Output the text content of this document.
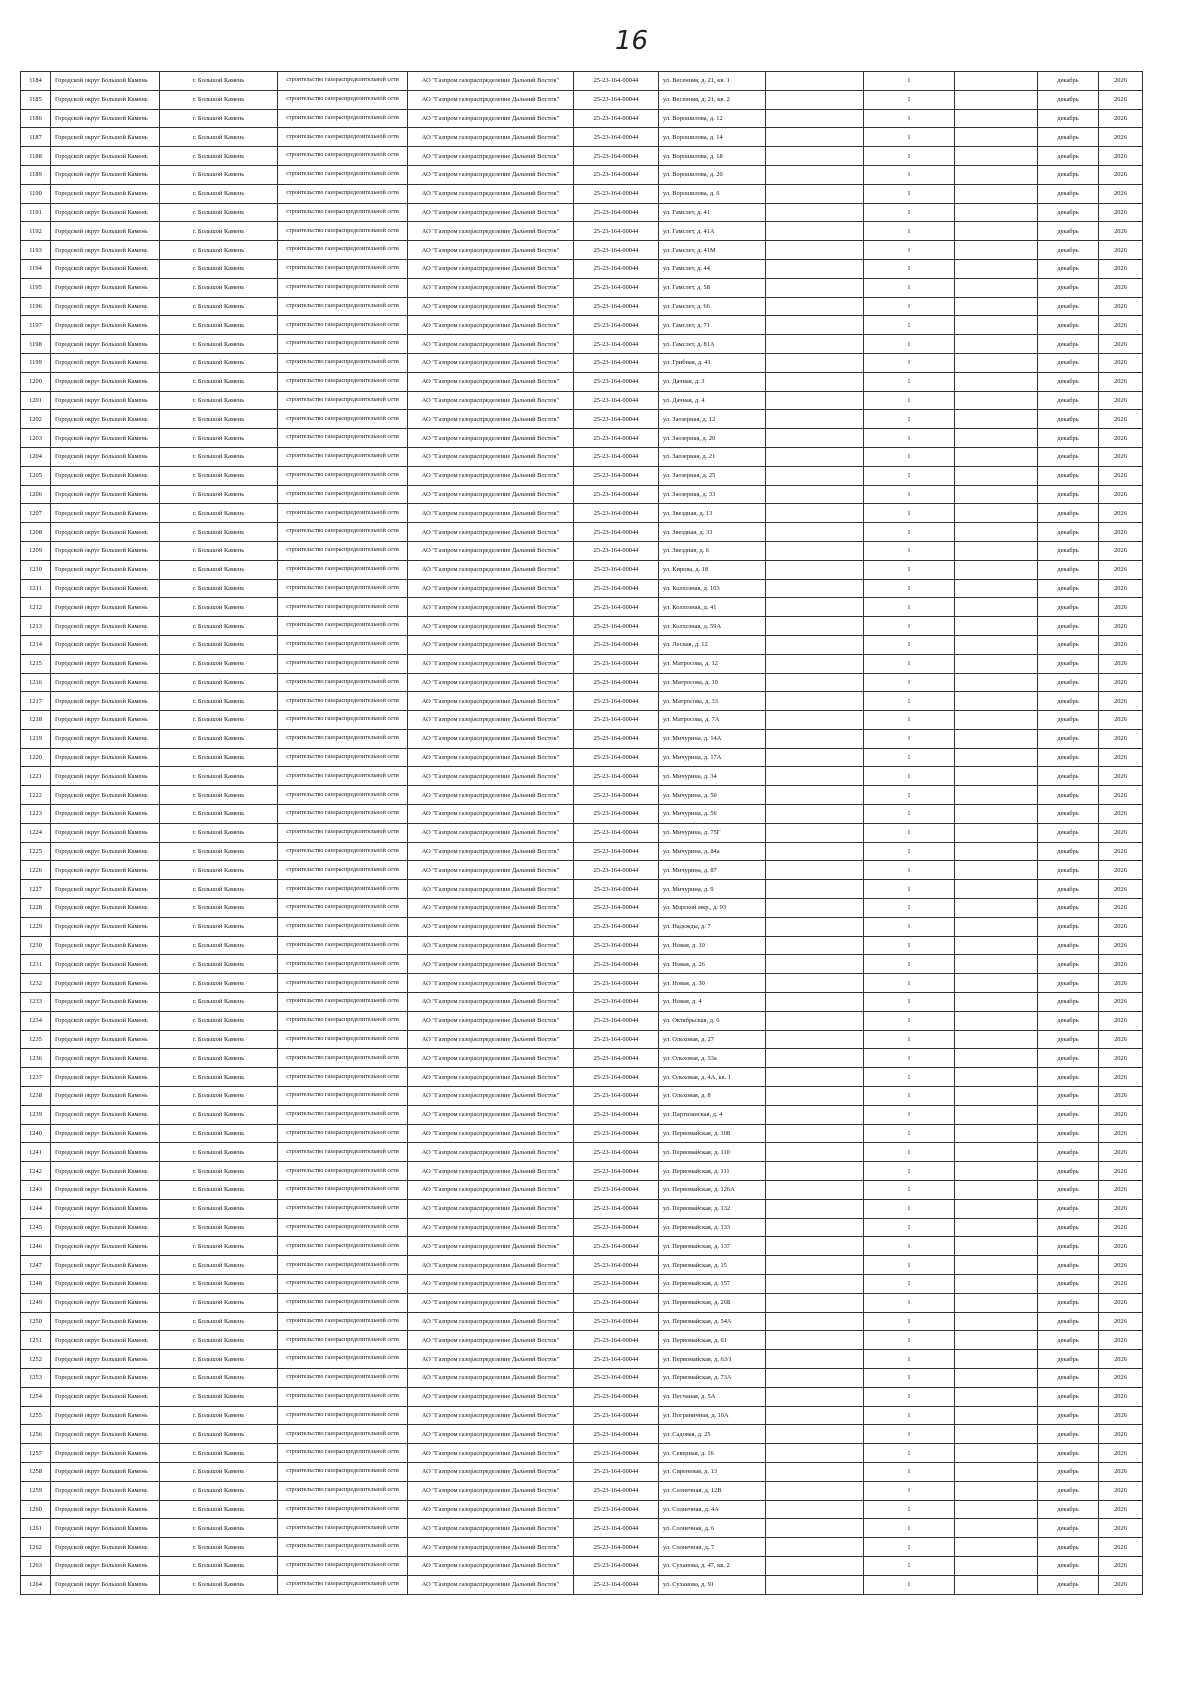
16
1184	Городской округ Большой Камень	г. Большой Камень	строительство газораспределительной сети	АО "Газпром газораспределение Дальний Восток"	25-23-164-00044	ул. Весенняя, д. 21, кв. 1		1		декабрь	2026
1185	Городской округ Большой Камень	г. Большой Камень	строительство газораспределительной сети	АО "Газпром газораспределение Дальний Восток"	25-23-164-00044	ул. Весенняя, д. 21, кв. 2		1		декабрь	2026
1186	Городской округ Большой Камень	г. Большой Камень	строительство газораспределительной сети	АО "Газпром газораспределение Дальний Восток"	25-23-164-00044	ул. Ворошилова, д. 12		1		декабрь	2026
1187	Городской округ Большой Камень	г. Большой Камень	строительство газораспределительной сети	АО "Газпром газораспределение Дальний Восток"	25-23-164-00044	ул. Ворошилова, д. 14		1		декабрь	2026
1188	Городской округ Большой Камень	г. Большой Камень	строительство газораспределительной сети	АО "Газпром газораспределение Дальний Восток"	25-23-164-00044	ул. Ворошилова, д. 18		1		декабрь	2026
1189	Городской округ Большой Камень	г. Большой Камень	строительство газораспределительной сети	АО "Газпром газораспределение Дальний Восток"	25-23-164-00044	ул. Ворошилова, д. 20		1		декабрь	2026
1190	Городской округ Большой Камень	г. Большой Камень	строительство газораспределительной сети	АО "Газпром газораспределение Дальний Восток"	25-23-164-00044	ул. Ворошилова, д. 6		1		декабрь	2026
1191	Городской округ Большой Камень	г. Большой Камень	строительство газораспределительной сети	АО "Газпром газораспределение Дальний Восток"	25-23-164-00044	ул. Гамслет, д. 41		1		декабрь	2026
1192	Городской округ Большой Камень	г. Большой Камень	строительство газораспределительной сети	АО "Газпром газораспределение Дальний Восток"	25-23-164-00044	ул. Гамслет, д. 41А		1		декабрь	2026
1193	Городской округ Большой Камень	г. Большой Камень	строительство газораспределительной сети	АО "Газпром газораспределение Дальний Восток"	25-23-164-00044	ул. Гамслет, д. 41М		1		декабрь	2026
1194	Городской округ Большой Камень	г. Большой Камень	строительство газораспределительной сети	АО "Газпром газораспределение Дальний Восток"	25-23-164-00044	ул. Гамслет, д. 44		1		декабрь	2026
1195	Городской округ Большой Камень	г. Большой Камень	строительство газораспределительной сети	АО "Газпром газораспределение Дальний Восток"	25-23-164-00044	ул. Гамслет, д. 58		1		декабрь	2026
1196	Городской округ Большой Камень	г. Большой Камень	строительство газораспределительной сети	АО "Газпром газораспределение Дальний Восток"	25-23-164-00044	ул. Гамслет, д. 66		1		декабрь	2026
1197	Городской округ Большой Камень	г. Большой Камень	строительство газораспределительной сети	АО "Газпром газораспределение Дальний Восток"	25-23-164-00044	ул. Гамслет, д. 71		1		декабрь	2026
1198	Городской округ Большой Камень	г. Большой Камень	строительство газораспределительной сети	АО "Газпром газораспределение Дальний Восток"	25-23-164-00044	ул. Гамслет, д. 81А		1		декабрь	2026
1199	Городской округ Большой Камень	г. Большой Камень	строительство газораспределительной сети	АО "Газпром газораспределение Дальний Восток"	25-23-164-00044	ул. Грибная, д. 41		1		декабрь	2026
1200	Городской округ Большой Камень	г. Большой Камень	строительство газораспределительной сети	АО "Газпром газораспределение Дальний Восток"	25-23-164-00044	ул. Дачная, д. 3		1		декабрь	2026
1201	Городской округ Большой Камень	г. Большой Камень	строительство газораспределительной сети	АО "Газпром газораспределение Дальний Восток"	25-23-164-00044	ул. Дачная, д. 4		1		декабрь	2026
1202	Городской округ Большой Камень	г. Большой Камень	строительство газораспределительной сети	АО "Газпром газораспределение Дальний Восток"	25-23-164-00044	ул. Заозерная, д. 12		1		декабрь	2026
1203	Городской округ Большой Камень	г. Большой Камень	строительство газораспределительной сети	АО "Газпром газораспределение Дальний Восток"	25-23-164-00044	ул. Заозерная, д. 20		1		декабрь	2026
1204	Городской округ Большой Камень	г. Большой Камень	строительство газораспределительной сети	АО "Газпром газораспределение Дальний Восток"	25-23-164-00044	ул. Заозерная, д. 21		1		декабрь	2026
1205	Городской округ Большой Камень	г. Большой Камень	строительство газораспределительной сети	АО "Газпром газораспределение Дальний Восток"	25-23-164-00044	ул. Заозерная, д. 25		1		декабрь	2026
1206	Городской округ Большой Камень	г. Большой Камень	строительство газораспределительной сети	АО "Газпром газораспределение Дальний Восток"	25-23-164-00044	ул. Заозерная, д. 33		1		декабрь	2026
1207	Городской округ Большой Камень	г. Большой Камень	строительство газораспределительной сети	АО "Газпром газораспределение Дальний Восток"	25-23-164-00044	ул. Звездная, д. 13		1		декабрь	2026
1208	Городской округ Большой Камень	г. Большой Камень	строительство газораспределительной сети	АО "Газпром газораспределение Дальний Восток"	25-23-164-00044	ул. Звездная, д. 33		1		декабрь	2026
1209	Городской округ Большой Камень	г. Большой Камень	строительство газораспределительной сети	АО "Газпром газораспределение Дальний Восток"	25-23-164-00044	ул. Звездная, д. 6		1		декабрь	2026
1210	Городской округ Большой Камень	г. Большой Камень	строительство газораспределительной сети	АО "Газпром газораспределение Дальний Восток"	25-23-164-00044	ул. Кирова, д. 18		1		декабрь	2026
1211	Городской округ Большой Камень	г. Большой Камень	строительство газораспределительной сети	АО "Газпром газораспределение Дальний Восток"	25-23-164-00044	ул. Колхозная, д. 103		1		декабрь	2026
1212	Городской округ Большой Камень	г. Большой Камень	строительство газораспределительной сети	АО "Газпром газораспределение Дальний Восток"	25-23-164-00044	ул. Колхозная, д. 41		1		декабрь	2026
1213	Городской округ Большой Камень	г. Большой Камень	строительство газораспределительной сети	АО "Газпром газораспределение Дальний Восток"	25-23-164-00044	ул. Колхозная, д. 59А		1		декабрь	2026
1214	Городской округ Большой Камень	г. Большой Камень	строительство газораспределительной сети	АО "Газпром газораспределение Дальний Восток"	25-23-164-00044	ул. Лесная, д. 12		1		декабрь	2026
1215	Городской округ Большой Камень	г. Большой Камень	строительство газораспределительной сети	АО "Газпром газораспределение Дальний Восток"	25-23-164-00044	ул. Матросова, д. 12		1		декабрь	2026
1216	Городской округ Большой Камень	г. Большой Камень	строительство газораспределительной сети	АО "Газпром газораспределение Дальний Восток"	25-23-164-00044	ул. Матросова, д. 19		1		декабрь	2026
1217	Городской округ Большой Камень	г. Большой Камень	строительство газораспределительной сети	АО "Газпром газораспределение Дальний Восток"	25-23-164-00044	ул. Матросова, д. 33		1		декабрь	2026
1218	Городской округ Большой Камень	г. Большой Камень	строительство газораспределительной сети	АО "Газпром газораспределение Дальний Восток"	25-23-164-00044	ул. Матросова, д. 7А		1		декабрь	2026
1219	Городской округ Большой Камень	г. Большой Камень	строительство газораспределительной сети	АО "Газпром газораспределение Дальний Восток"	25-23-164-00044	ул. Мичурина, д. 14А		1		декабрь	2026
1220	Городской округ Большой Камень	г. Большой Камень	строительство газораспределительной сети	АО "Газпром газораспределение Дальний Восток"	25-23-164-00044	ул. Мичурина, д. 17А		1		декабрь	2026
1221	Городской округ Большой Камень	г. Большой Камень	строительство газораспределительной сети	АО "Газпром газораспределение Дальний Восток"	25-23-164-00044	ул. Мичурина, д. 34		1		декабрь	2026
1222	Городской округ Большой Камень	г. Большой Камень	строительство газораспределительной сети	АО "Газпром газораспределение Дальний Восток"	25-23-164-00044	ул. Мичурина, д. 50		1		декабрь	2026
1223	Городской округ Большой Камень	г. Большой Камень	строительство газораспределительной сети	АО "Газпром газораспределение Дальний Восток"	25-23-164-00044	ул. Мичурина, д. 56		1		декабрь	2026
1224	Городской округ Большой Камень	г. Большой Камень	строительство газораспределительной сети	АО "Газпром газораспределение Дальний Восток"	25-23-164-00044	ул. Мичурина, д. 75Г		1		декабрь	2026
1225	Городской округ Большой Камень	г. Большой Камень	строительство газораспределительной сети	АО "Газпром газораспределение Дальний Восток"	25-23-164-00044	ул. Мичурина, д. 84а		1		декабрь	2026
1226	Городской округ Большой Камень	г. Большой Камень	строительство газораспределительной сети	АО "Газпром газораспределение Дальний Восток"	25-23-164-00044	ул. Мичурина, д. 87		1		декабрь	2026
1227	Городской округ Большой Камень	г. Большой Камень	строительство газораспределительной сети	АО "Газпром газораспределение Дальний Восток"	25-23-164-00044	ул. Мичурина, д. 9		1		декабрь	2026
1228	Городской округ Большой Камень	г. Большой Камень	строительство газораспределительной сети	АО "Газпром газораспределение Дальний Восток"	25-23-164-00044	ул. Морской мкр., д. 93		1		декабрь	2026
1229	Городской округ Большой Камень	г. Большой Камень	строительство газораспределительной сети	АО "Газпром газораспределение Дальний Восток"	25-23-164-00044	ул. Надежды, д. 7		1		декабрь	2026
1230	Городской округ Большой Камень	г. Большой Камень	строительство газораспределительной сети	АО "Газпром газораспределение Дальний Восток"	25-23-164-00044	ул. Новая, д. 10		1		декабрь	2026
1231	Городской округ Большой Камень	г. Большой Камень	строительство газораспределительной сети	АО "Газпром газораспределение Дальний Восток"	25-23-164-00044	ул. Новая, д. 26		1		декабрь	2026
1232	Городской округ Большой Камень	г. Большой Камень	строительство газораспределительной сети	АО "Газпром газораспределение Дальний Восток"	25-23-164-00044	ул. Новая, д. 30		1		декабрь	2026
1233	Городской округ Большой Камень	г. Большой Камень	строительство газораспределительной сети	АО "Газпром газораспределение Дальний Восток"	25-23-164-00044	ул. Новая, д. 4		1		декабрь	2026
1234	Городской округ Большой Камень	г. Большой Камень	строительство газораспределительной сети	АО "Газпром газораспределение Дальний Восток"	25-23-164-00044	ул. Октябрьская, д. 6		1		декабрь	2026
1235	Городской округ Большой Камень	г. Большой Камень	строительство газораспределительной сети	АО "Газпром газораспределение Дальний Восток"	25-23-164-00044	ул. Ольховая, д. 27		1		декабрь	2026
1236	Городской округ Большой Камень	г. Большой Камень	строительство газораспределительной сети	АО "Газпром газораспределение Дальний Восток"	25-23-164-00044	ул. Ольховая, д. 33а		1		декабрь	2026
1237	Городской округ Большой Камень	г. Большой Камень	строительство газораспределительной сети	АО "Газпром газораспределение Дальний Восток"	25-23-164-00044	ул. Ольховая, д. 4А, кв. 1		1		декабрь	2026
1238	Городской округ Большой Камень	г. Большой Камень	строительство газораспределительной сети	АО "Газпром газораспределение Дальний Восток"	25-23-164-00044	ул. Ольховая, д. 8		1		декабрь	2026
1239	Городской округ Большой Камень	г. Большой Камень	строительство газораспределительной сети	АО "Газпром газораспределение Дальний Восток"	25-23-164-00044	ул. Партизанская, д. 4		1		декабрь	2026
1240	Городской округ Большой Камень	г. Большой Камень	строительство газораспределительной сети	АО "Газпром газораспределение Дальний Восток"	25-23-164-00044	ул. Первомайская, д. 108		1		декабрь	2026
1241	Городской округ Большой Камень	г. Большой Камень	строительство газораспределительной сети	АО "Газпром газораспределение Дальний Восток"	25-23-164-00044	ул. Первомайская, д. 110		1		декабрь	2026
1242	Городской округ Большой Камень	г. Большой Камень	строительство газораспределительной сети	АО "Газпром газораспределение Дальний Восток"	25-23-164-00044	ул. Первомайская, д. 111		1		декабрь	2026
1243	Городской округ Большой Камень	г. Большой Камень	строительство газораспределительной сети	АО "Газпром газораспределение Дальний Восток"	25-23-164-00044	ул. Первомайская, д. 126А		1		декабрь	2026
1244	Городской округ Большой Камень	г. Большой Камень	строительство газораспределительной сети	АО "Газпром газораспределение Дальний Восток"	25-23-164-00044	ул. Первомайская, д. 132		1		декабрь	2026
1245	Городской округ Большой Камень	г. Большой Камень	строительство газораспределительной сети	АО "Газпром газораспределение Дальний Восток"	25-23-164-00044	ул. Первомайская, д. 133		1		декабрь	2026
1246	Городской округ Большой Камень	г. Большой Камень	строительство газораспределительной сети	АО "Газпром газораспределение Дальний Восток"	25-23-164-00044	ул. Первомайская, д. 137		1		декабрь	2026
1247	Городской округ Большой Камень	г. Большой Камень	строительство газораспределительной сети	АО "Газпром газораспределение Дальний Восток"	25-23-164-00044	ул. Первомайская, д. 15		1		декабрь	2026
1248	Городской округ Большой Камень	г. Большой Камень	строительство газораспределительной сети	АО "Газпром газораспределение Дальний Восток"	25-23-164-00044	ул. Первомайская, д. 157		1		декабрь	2026
1249	Городской округ Большой Камень	г. Большой Камень	строительство газораспределительной сети	АО "Газпром газораспределение Дальний Восток"	25-23-164-00044	ул. Первомайская, д. 26Б		1		декабрь	2026
1250	Городской округ Большой Камень	г. Большой Камень	строительство газораспределительной сети	АО "Газпром газораспределение Дальний Восток"	25-23-164-00044	ул. Первомайская, д. 54А		1		декабрь	2026
1251	Городской округ Большой Камень	г. Большой Камень	строительство газораспределительной сети	АО "Газпром газораспределение Дальний Восток"	25-23-164-00044	ул. Первомайская, д. 61		1		декабрь	2026
1252	Городской округ Большой Камень	г. Большой Камень	строительство газораспределительной сети	АО "Газпром газораспределение Дальний Восток"	25-23-164-00044	ул. Первомайская, д. 63/1		1		декабрь	2026
1253	Городской округ Большой Камень	г. Большой Камень	строительство газораспределительной сети	АО "Газпром газораспределение Дальний Восток"	25-23-164-00044	ул. Первомайская, д. 73А		1		декабрь	2026
1254	Городской округ Большой Камень	г. Большой Камень	строительство газораспределительной сети	АО "Газпром газораспределение Дальний Восток"	25-23-164-00044	ул. Песчаная, д. 5А		1		декабрь	2026
1255	Городской округ Большой Камень	г. Большой Камень	строительство газораспределительной сети	АО "Газпром газораспределение Дальний Восток"	25-23-164-00044	ул. Пограничная, д. 10А		1		декабрь	2026
1256	Городской округ Большой Камень	г. Большой Камень	строительство газораспределительной сети	АО "Газпром газораспределение Дальний Восток"	25-23-164-00044	ул. Садовая, д. 25		1		декабрь	2026
1257	Городской округ Большой Камень	г. Большой Камень	строительство газораспределительной сети	АО "Газпром газораспределение Дальний Восток"	25-23-164-00044	ул. Северная, д. 16		1		декабрь	2026
1258	Городской округ Большой Камень	г. Большой Камень	строительство газораспределительной сети	АО "Газпром газораспределение Дальний Восток"	25-23-164-00044	ул. Сиреневая, д. 13		1		декабрь	2026
1259	Городской округ Большой Камень	г. Большой Камень	строительство газораспределительной сети	АО "Газпром газораспределение Дальний Восток"	25-23-164-00044	ул. Солнечная, д. 12В		1		декабрь	2026
1260	Городской округ Большой Камень	г. Большой Камень	строительство газораспределительной сети	АО "Газпром газораспределение Дальний Восток"	25-23-164-00044	ул. Солнечная, д. 4А		1		декабрь	2026
1261	Городской округ Большой Камень	г. Большой Камень	строительство газораспределительной сети	АО "Газпром газораспределение Дальний Восток"	25-23-164-00044	ул. Солнечная, д. 6		1		декабрь	2026
1262	Городской округ Большой Камень	г. Большой Камень	строительство газораспределительной сети	АО "Газпром газораспределение Дальний Восток"	25-23-164-00044	ул. Солнечная, д. 7		1		декабрь	2026
1263	Городской округ Большой Камень	г. Большой Камень	строительство газораспределительной сети	АО "Газпром газораспределение Дальний Восток"	25-23-164-00044	ул. Суханова, д. 47, кв. 2		1		декабрь	2026
1264	Городской округ Большой Камень	г. Большой Камень	строительство газораспределительной сети	АО "Газпром газораспределение Дальний Восток"	25-23-164-00044	ул. Суханова, д. 91		1		декабрь	2026
